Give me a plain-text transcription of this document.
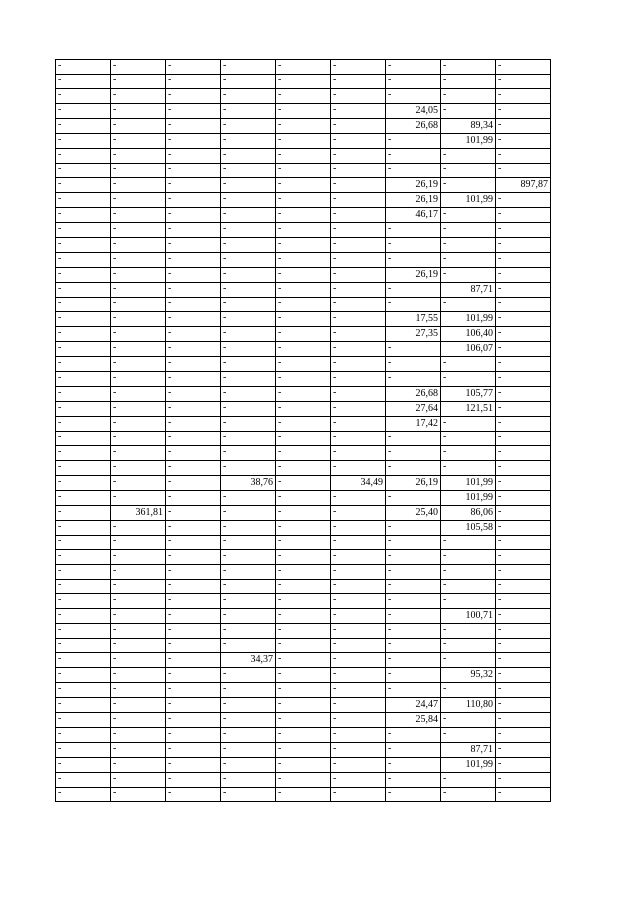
-	-	-	-	-	-	-	-	-

-	-	-	-	-	-	-	-	-

-	-	-	-	-	-	-	-	-

-	-	-	-	-	-	24,05	-	-

-	-	-	-	-	-	26,68	89,34	-

-	-	-	-	-	-	-	101,99	-

-	-	-	-	-	-	-	-	-

-	-	-	-	-	-	-	-	-

-	-	-	-	-	-	26,19	-	897,87

-	-	-	-	-	-	26,19	101,99	-

-	-	-	-	-	-	46,17	-	-

-	-	-	-	-	-	-	-	-

-	-	-	-	-	-	-	-	-

-	-	-	-	-	-	-	-	-

-	-	-	-	-	-	26,19	-	-

-	-	-	-	-	-	-	87,71	-

-	-	-	-	-	-	-	-	-

-	-	-	-	-	-	17,55	101,99	-

-	-	-	-	-	-	27,35	106,40	-

-	-	-	-	-	-	-	106,07	-

-	-	-	-	-	-	-	-	-

-	-	-	-	-	-	-	-	-

-	-	-	-	-	-	26,68	105,77	-

-	-	-	-	-	-	27,64	121,51	-

-	-	-	-	-	-	17,42	-	-

-	-	-	-	-	-	-	-	-

-	-	-	-	-	-	-	-	-

-	-	-	-	-	-	-	-	-

-	-	-	38,76	-	34,49	26,19	101,99	-

-	-	-	-	-	-	-	101,99	-

-	361,81	-	-	-	-	25,40	86,06	-

-	-	-	-	-	-	-	105,58	-

-	-	-	-	-	-	-	-	-

-	-	-	-	-	-	-	-	-

-	-	-	-	-	-	-	-	-

-	-	-	-	-	-	-	-	-

-	-	-	-	-	-	-	-	-

-	-	-	-	-	-	-	100,71	-

-	-	-	-	-	-	-	-	-

-	-	-	-	-	-	-	-	-

-	-	-	34,37	-	-	-	-	-

-	-	-	-	-	-	-	95,32	-

-	-	-	-	-	-	-	-	-

-	-	-	-	-	-	24,47	110,80	-

-	-	-	-	-	-	25,84	-	-

-	-	-	-	-	-	-	-	-

-	-	-	-	-	-	-	87,71	-

-	-	-	-	-	-	-	101,99	-

-	-	-	-	-	-	-	-	-

-	-	-	-	-	-	-	-	-
